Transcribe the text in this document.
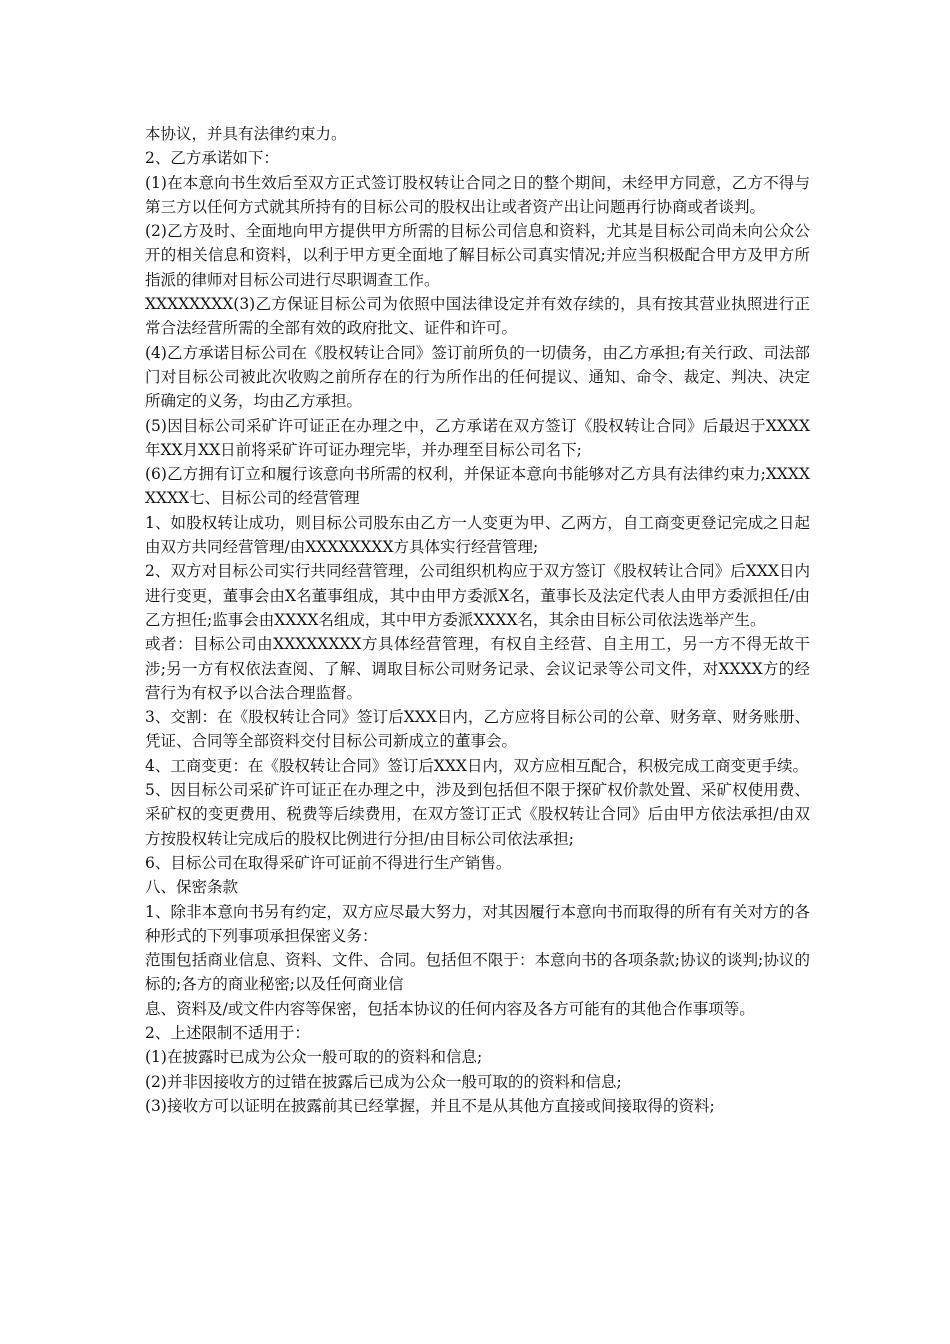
本协议，并具有法律约束力。

2、乙方承诺如下：

(1)在本意向书生效后至双方正式签订股权转让合同之日的整个期间，未经甲方同意，乙方不得与第三方以任何方式就其所持有的目标公司的股权出让或者资产出让问题再行协商或者谈判。

(2)乙方及时、全面地向甲方提供甲方所需的目标公司信息和资料，尤其是目标公司尚未向公众公开的相关信息和资料，以利于甲方更全面地了解目标公司真实情况;并应当积极配合甲方及甲方所指派的律师对目标公司进行尽职调查工作。

XXXXXXXX(3)乙方保证目标公司为依照中国法律设定并有效存续的，具有按其营业执照进行正常合法经营所需的全部有效的政府批文、证件和许可。

(4)乙方承诺目标公司在《股权转让合同》签订前所负的一切债务，由乙方承担;有关行政、司法部门对目标公司被此次收购之前所存在的行为所作出的任何提议、通知、命令、裁定、判决、决定所确定的义务，均由乙方承担。

(5)因目标公司采矿许可证正在办理之中，乙方承诺在双方签订《股权转让合同》后最迟于XXXX年XX月XX日前将采矿许可证办理完毕，并办理至目标公司名下;

(6)乙方拥有订立和履行该意向书所需的权利，并保证本意向书能够对乙方具有法律约束力;XXXXXXXX七、目标公司的经营管理

1、如股权转让成功，则目标公司股东由乙方一人变更为甲、乙两方，自工商变更登记完成之日起由双方共同经营管理/由XXXXXXXX方具体实行经营管理;

2、双方对目标公司实行共同经营管理，公司组织机构应于双方签订《股权转让合同》后XXX日内进行变更，董事会由X名董事组成，其中由甲方委派X名，董事长及法定代表人由甲方委派担任/由乙方担任;监事会由XXXX名组成，其中甲方委派XXXX名，其余由目标公司依法选举产生。

或者：目标公司由XXXXXXXX方具体经营管理，有权自主经营、自主用工，另一方不得无故干涉;另一方有权依法查阅、了解、调取目标公司财务记录、会议记录等公司文件，对XXXX方的经营行为有权予以合法合理监督。

3、交割：在《股权转让合同》签订后XXX日内，乙方应将目标公司的公章、财务章、财务账册、凭证、合同等全部资料交付目标公司新成立的董事会。

4、工商变更：在《股权转让合同》签订后XXX日内，双方应相互配合，积极完成工商变更手续。

5、因目标公司采矿许可证正在办理之中，涉及到包括但不限于探矿权价款处置、采矿权使用费、采矿权的变更费用、税费等后续费用，在双方签订正式《股权转让合同》后由甲方依法承担/由双方按股权转让完成后的股权比例进行分担/由目标公司依法承担;

6、目标公司在取得采矿许可证前不得进行生产销售。

八、保密条款

1、除非本意向书另有约定，双方应尽最大努力，对其因履行本意向书而取得的所有有关对方的各种形式的下列事项承担保密义务：

范围包括商业信息、资料、文件、合同。包括但不限于：本意向书的各项条款;协议的谈判;协议的标的;各方的商业秘密;以及任何商业信

息、资料及/或文件内容等保密，包括本协议的任何内容及各方可能有的其他合作事项等。

2、上述限制不适用于：

(1)在披露时已成为公众一般可取的的资料和信息;

(2)并非因接收方的过错在披露后已成为公众一般可取的的资料和信息;

(3)接收方可以证明在披露前其已经掌握，并且不是从其他方直接或间接取得的资料;
